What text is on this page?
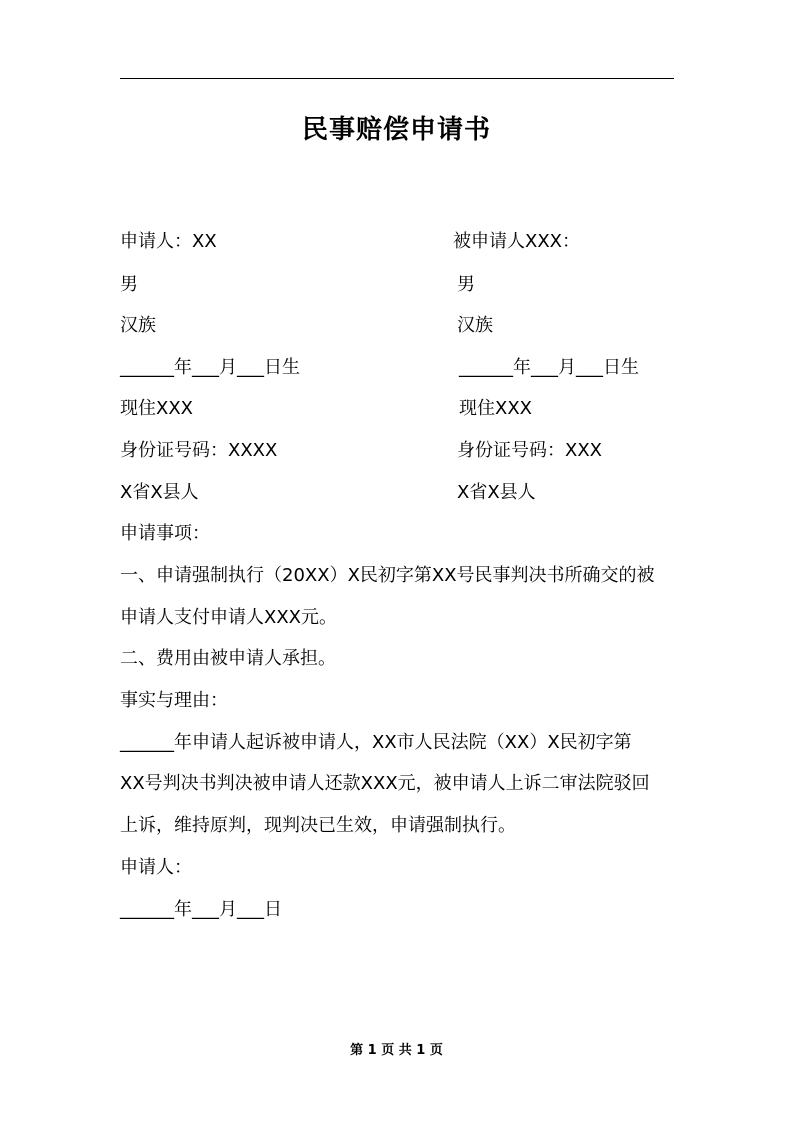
民事赔偿申请书
申请人：XX
男
汉族
______年___月___日生
现住XXX
身份证号码：XXXX
X省X县人
被申请人XXX：
男
汉族
______年___月___日生
现住XXX
身份证号码：XXX
X省X县人
申请事项：
一、申请强制执行（20XX）X民初字第XX号民事判决书所确交的被
申请人支付申请人XXX元。
二、费用由被申请人承担。
事实与理由：
______年申请人起诉被申请人，XX市人民法院（XX）X民初字第
XX号判决书判决被申请人还款XXX元，被申请人上诉二审法院驳回
上诉，维持原判，现判决已生效，申请强制执行。
申请人：
______年___月___日
第 1 页 共 1 页
